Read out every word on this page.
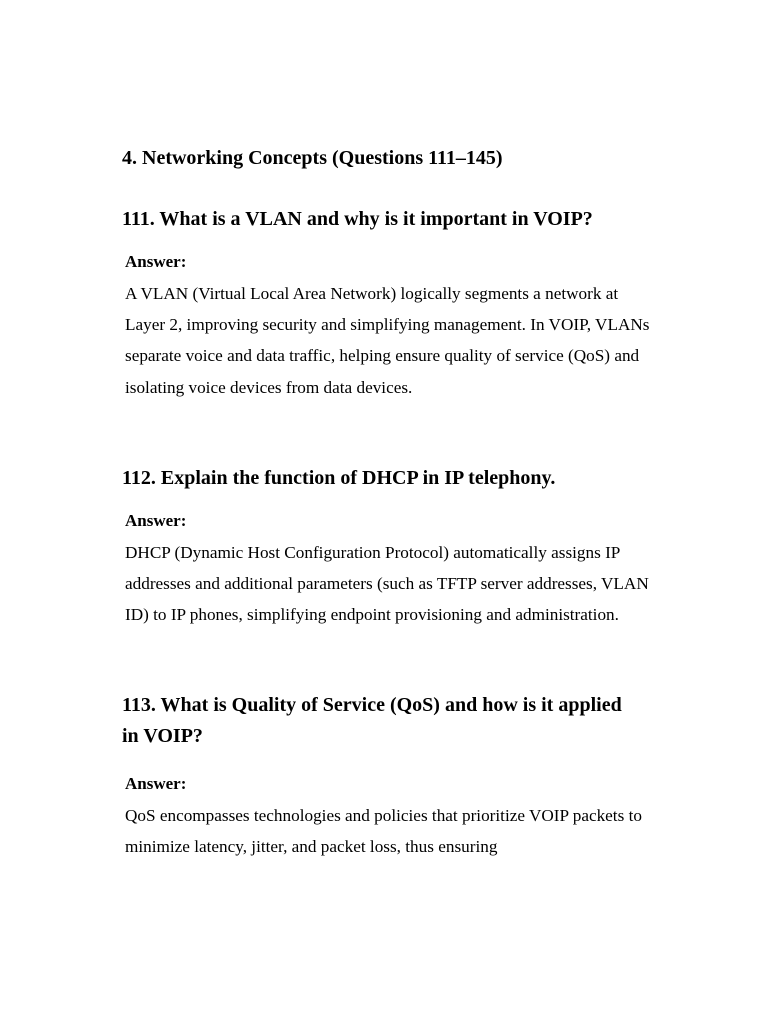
4. Networking Concepts (Questions 111–145)
111. What is a VLAN and why is it important in VOIP?

Answer:

A VLAN (Virtual Local Area Network) logically segments a network at Layer 2, improving security and simplifying management. In VOIP, VLANs separate voice and data traffic, helping ensure quality of service (QoS) and isolating voice devices from data devices.

112. Explain the function of DHCP in IP telephony.

Answer:

DHCP (Dynamic Host Configuration Protocol) automatically assigns IP addresses and additional parameters (such as TFTP server addresses, VLAN ID) to IP phones, simplifying endpoint provisioning and administration.

113. What is Quality of Service (QoS) and how is it applied in VOIP?

Answer:

QoS encompasses technologies and policies that prioritize VOIP packets to minimize latency, jitter, and packet loss, thus ensuring
